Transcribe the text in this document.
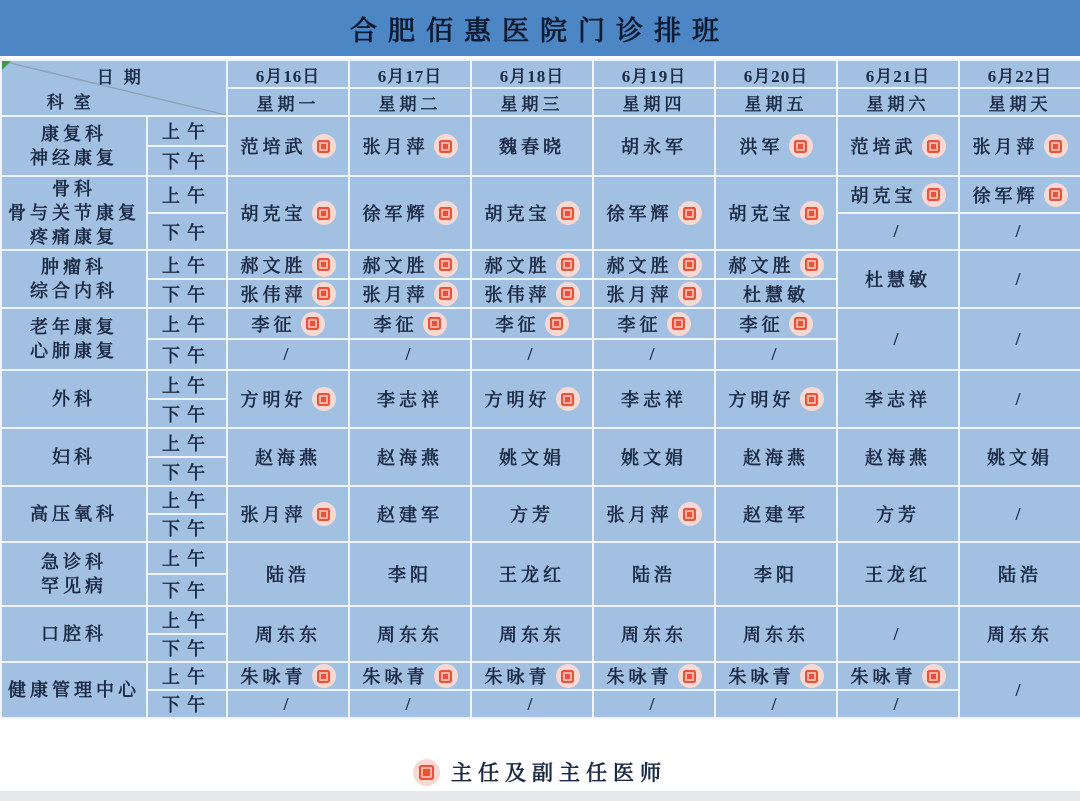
合肥佰惠医院门诊排班
日期
科室		6月16日	6月17日	6月18日	6月19日	6月20日	6月21日	6月22日
		星期一	星期二	星期三	星期四	星期五	星期六	星期天

康复科
神经康复	上午	范培武	张月萍	魏春晓	胡永军	洪军	范培武	张月萍

	下午							

骨科
骨与关节康复
疼痛康复	上午	胡克宝	徐军辉	胡克宝	徐军辉	胡克宝	胡克宝	徐军辉

	下午						/	/

肿瘤科
综合内科	上午	郝文胜	郝文胜	郝文胜	郝文胜	郝文胜	杜慧敏	/

	下午	张伟萍	张月萍	张伟萍	张月萍	杜慧敏		

老年康复
心肺康复	上午	李征	李征	李征	李征	李征	/	/

	下午	/	/	/	/	/		

外科	上午	方明好	李志祥	方明好	李志祥	方明好	李志祥	/

	下午							

妇科	上午	赵海燕	赵海燕	姚文娟	姚文娟	赵海燕	赵海燕	姚文娟

	下午							

高压氧科	上午	张月萍	赵建军	方芳	张月萍	赵建军	方芳	/

	下午							

急诊科
罕见病	上午	陆浩	李阳	王龙红	陆浩	李阳	王龙红	陆浩

	下午							

口腔科	上午	周东东	周东东	周东东	周东东	周东东	/	周东东

	下午							

健康管理中心	上午	朱咏青	朱咏青	朱咏青	朱咏青	朱咏青	朱咏青	/

	下午	/	/	/	/	/	/	
主任及副主任医师
